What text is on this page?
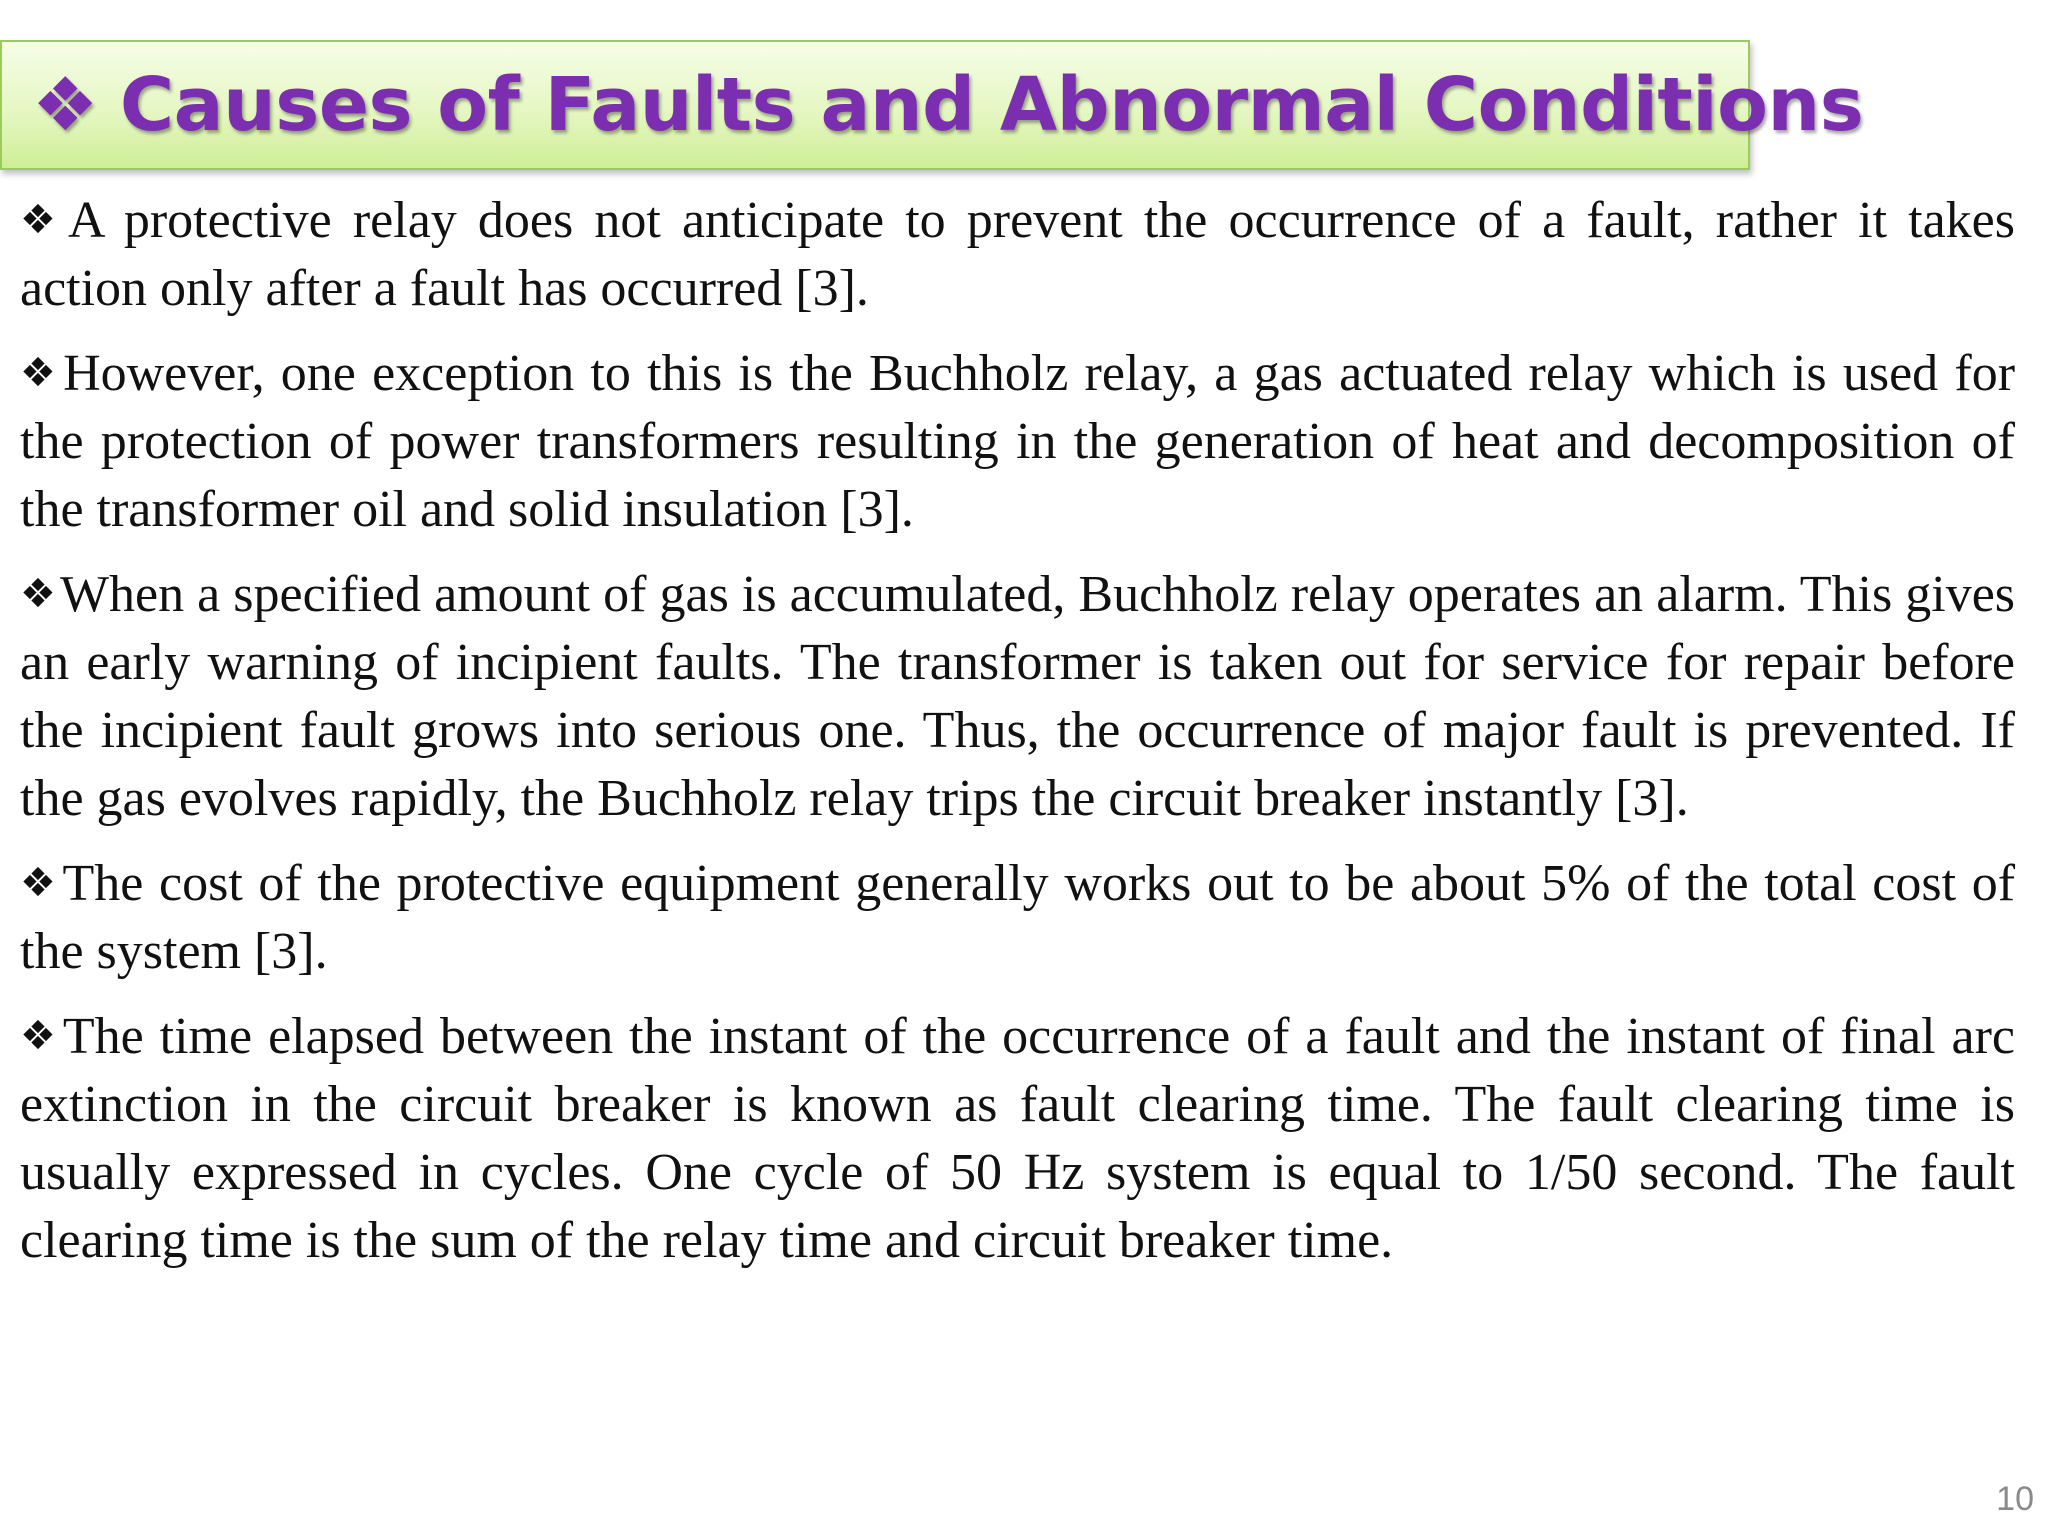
❖ Causes of Faults and Abnormal Conditions

❖A protective relay does not anticipate to prevent the occurrence of a fault, rather it takes action only after a fault has occurred [3].

❖However, one exception to this is the Buchholz relay, a gas actuated relay which is used for the protection of power transformers resulting in the generation of heat and decomposition of the transformer oil and solid insulation [3].

❖When a specified amount of gas is accumulated, Buchholz relay operates an alarm. This gives an early warning of incipient faults. The transformer is taken out for service for repair before the incipient fault grows into serious one. Thus, the occurrence of major fault is prevented. If the gas evolves rapidly, the Buchholz relay trips the circuit breaker instantly [3].

❖The cost of the protective equipment generally works out to be about 5% of the total cost of the system [3].

❖The time elapsed between the instant of the occurrence of a fault and the instant of final arc extinction in the circuit breaker is known as fault clearing time. The fault clearing time is usually expressed in cycles. One cycle of 50 Hz system is equal to 1/50 second. The fault clearing time is the sum of the relay time and circuit breaker time.

10
